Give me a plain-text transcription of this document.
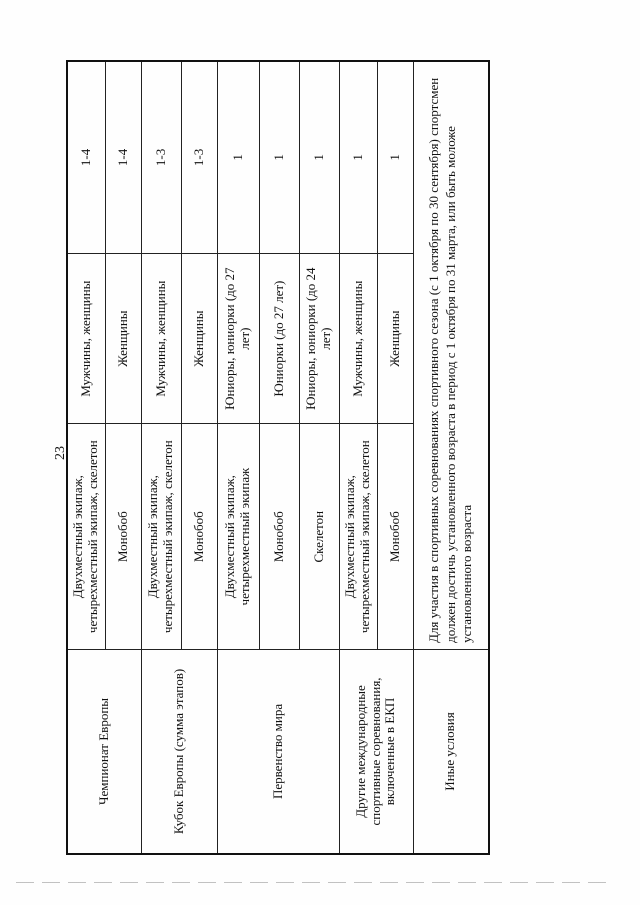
23
Чемпионат Европы	Двухместный экипаж, четырехместный экипаж, скелетон	Мужчины, женщины	1-4
	Монобоб	Женщины	1-4
Кубок Европы (сумма этапов)	Двухместный экипаж, четырехместный экипаж, скелетон	Мужчины, женщины	1-3
	Монобоб	Женщины	1-3
Первенство мира	Двухместный экипаж, четырехместный экипаж	Юниоры, юниорки (до 27 лет)	1
	Монобоб	Юниорки (до 27 лет)	1
	Скелетон	Юниоры, юниорки (до 24 лет)	1
Другие международные спортивные соревнования, включенные в ЕКП	Двухместный экипаж, четырехместный экипаж, скелетон	Мужчины, женщины	1
	Монобоб	Женщины	1
Иные условия	Для участия в спортивных соревнованиях спортивного сезона (с 1 октября по 30 сентября) спортсмен должен достичь установленного возраста в период с 1 октября по 31 марта, или быть моложе установленного возраста		
